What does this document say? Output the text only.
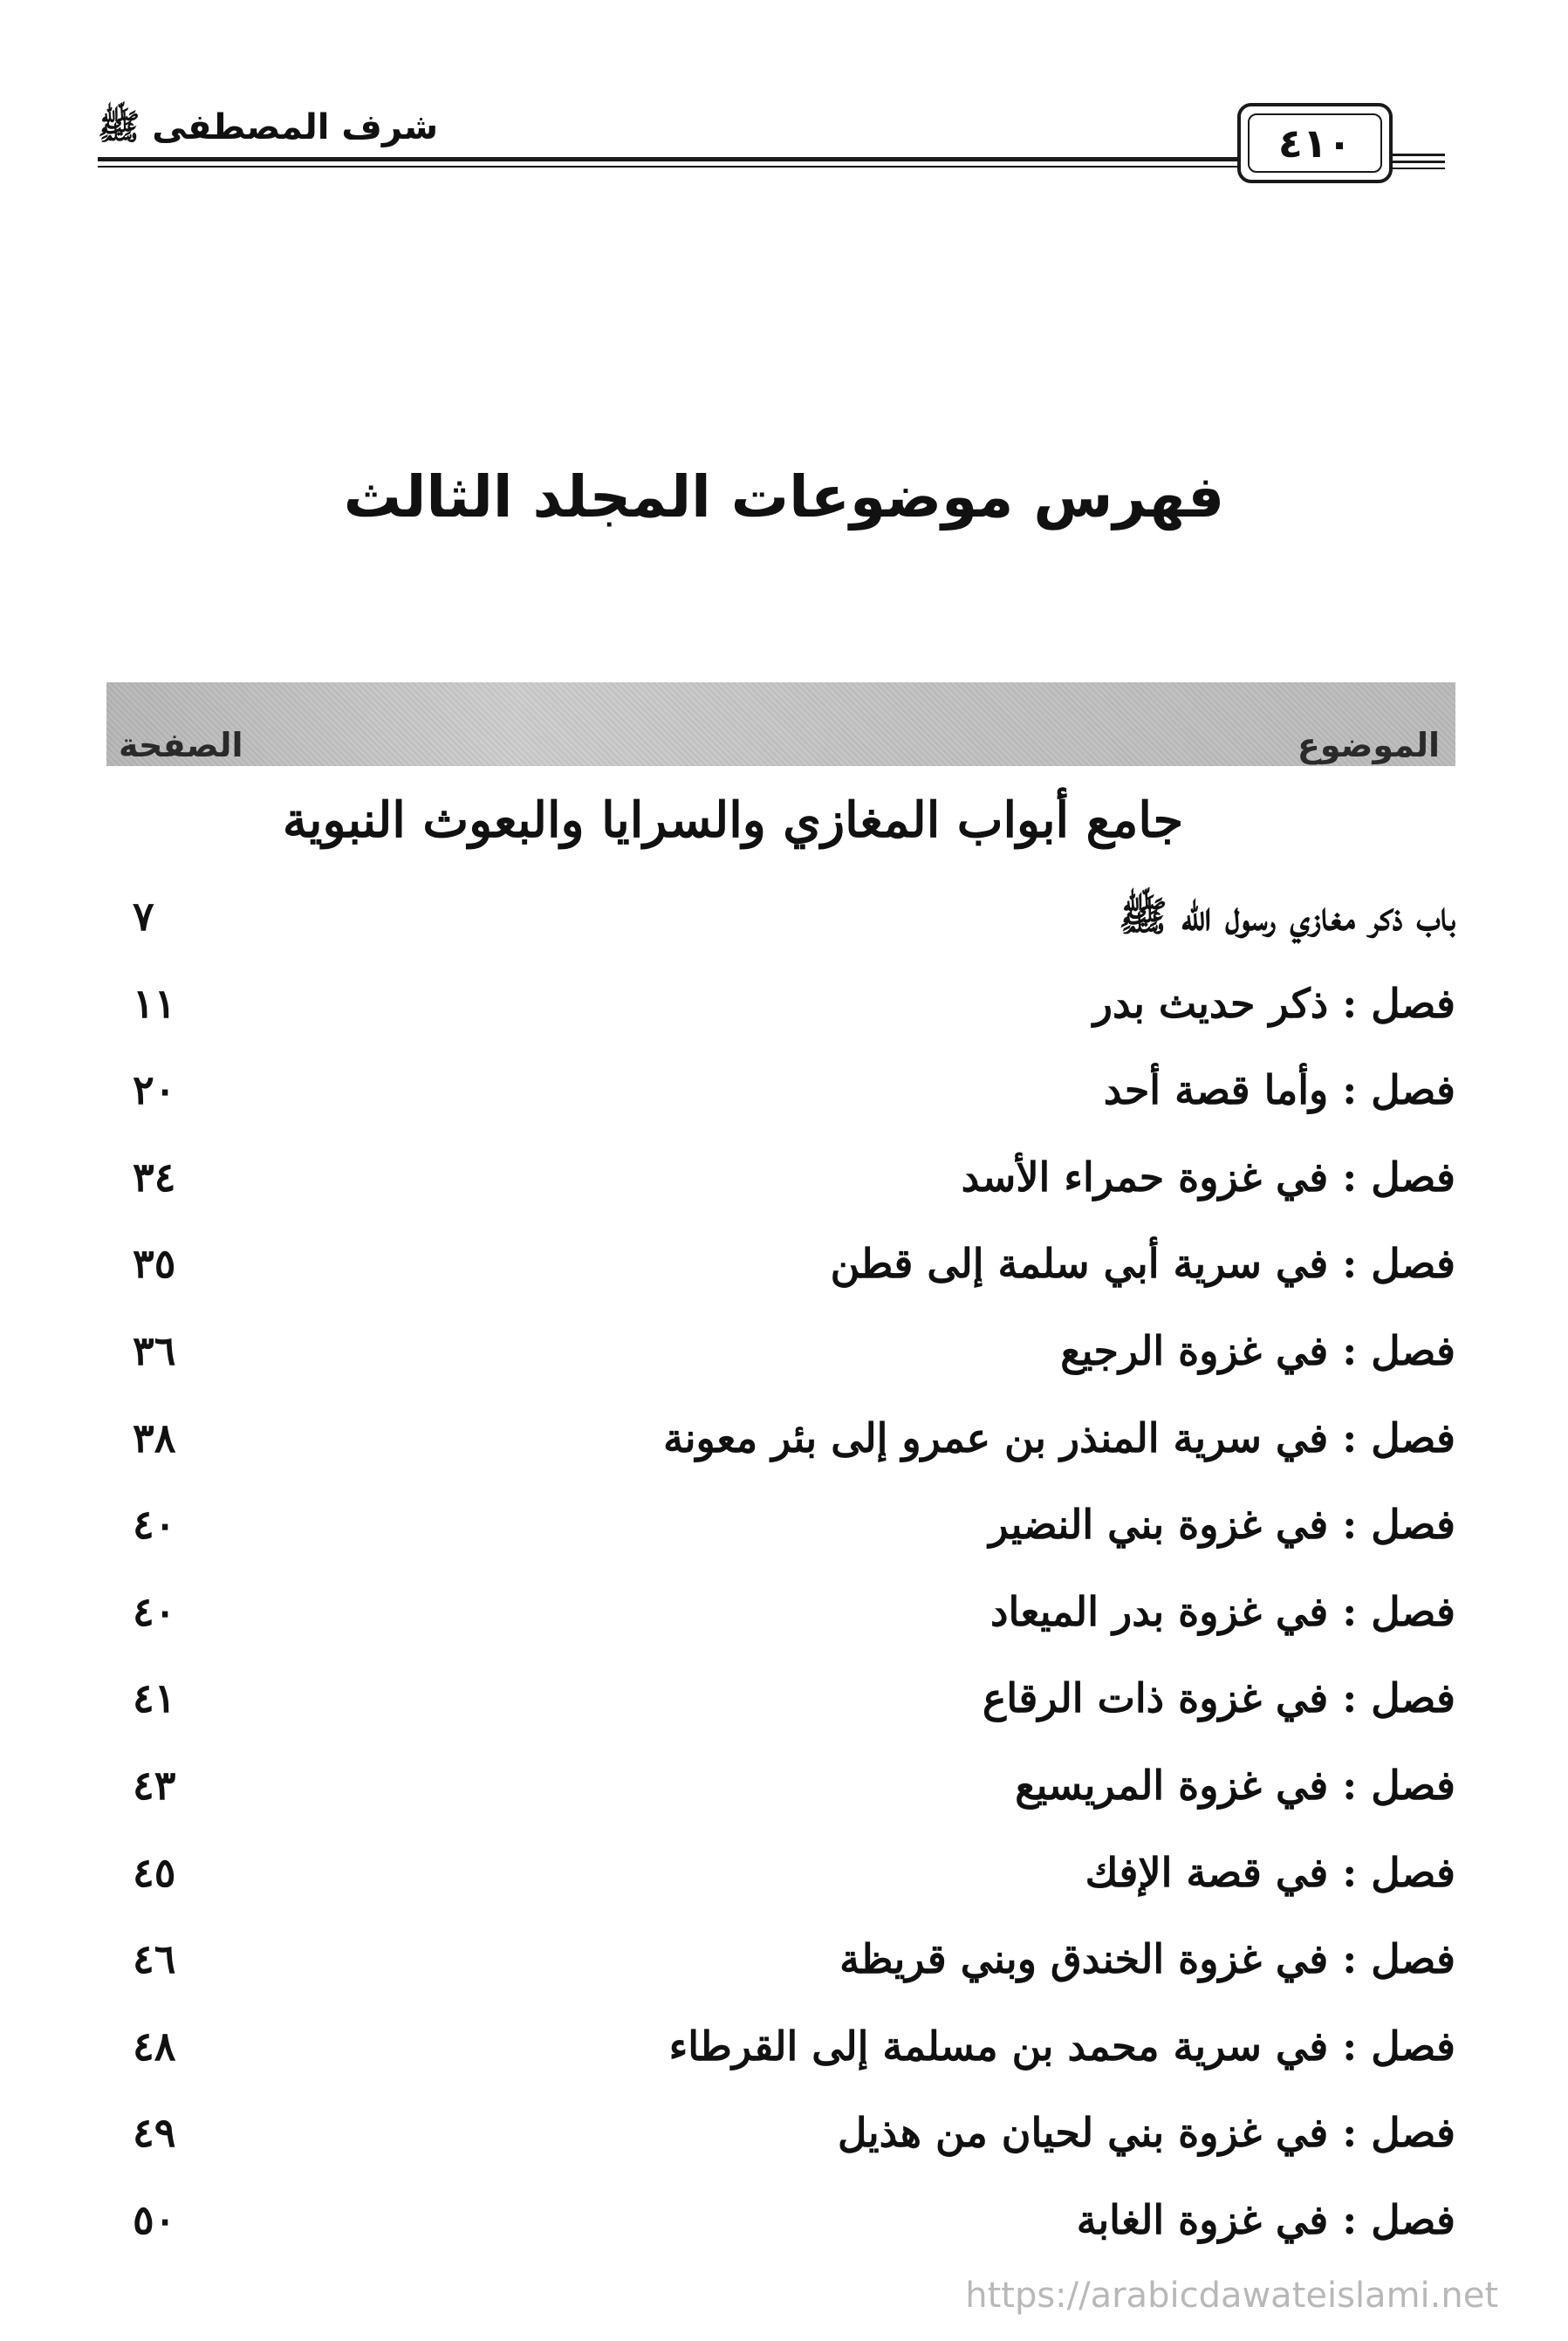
شرف المصطفى ﷺ	٤١٠
فهرس موضوعات المجلد الثالث
الموضوع
الصفحة
جامع أبواب المغازي والسرايا والبعوث النبوية
باب ذكر مغازي رسول الله ﷺ
٧
فصل : ذكر حديث بدر
١١
فصل : وأما قصة أحد
٢٠
فصل : في غزوة حمراء الأسد
٣٤
فصل : في سرية أبي سلمة إلى قطن
٣٥
فصل : في غزوة الرجيع
٣٦
فصل : في سرية المنذر بن عمرو إلى بئر معونة
٣٨
فصل : في غزوة بني النضير
٤٠
فصل : في غزوة بدر الميعاد
٤٠
فصل : في غزوة ذات الرقاع
٤١
فصل : في غزوة المريسيع
٤٣
فصل : في قصة الإفك
٤٥
فصل : في غزوة الخندق وبني قريظة
٤٦
فصل : في سرية محمد بن مسلمة إلى القرطاء
٤٨
فصل : في غزوة بني لحيان من هذيل
٤٩
فصل : في غزوة الغابة
٥٠
https://arabicdawateislami.net
